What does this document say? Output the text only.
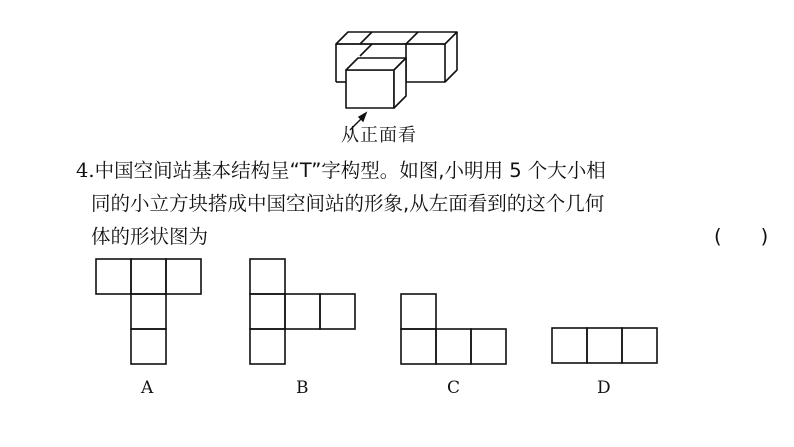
从正面看
4.中国空间站基本结构呈“T”字构型。如图,小明用 5 个大小相
同的小立方块搭成中国空间站的形象,从左面看到的这个几何
体的形状图为	(　　)
A	B	C	D
